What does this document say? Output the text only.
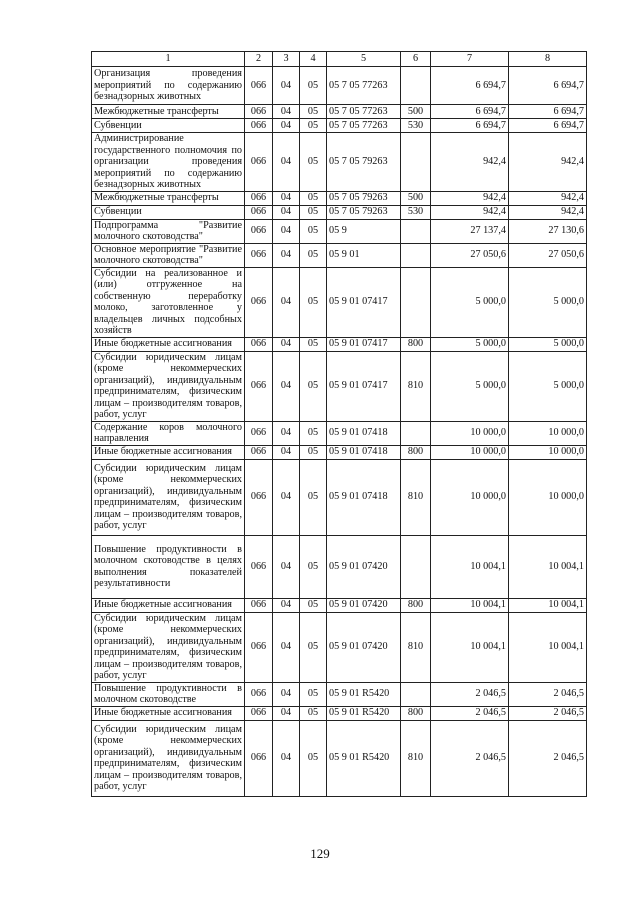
1	2	3	4	5	6	7	8
Организация проведения мероприятий по содержанию безнадзорных животных	066	04	05	05 7 05 77263		6 694,7	6 694,7
Межбюджетные трансферты	066	04	05	05 7 05 77263	500	6 694,7	6 694,7
Субвенции	066	04	05	05 7 05 77263	530	6 694,7	6 694,7
Администрирование государственного полномочия по организации проведения мероприятий по содержанию безнадзорных животных	066	04	05	05 7 05 79263		942,4	942,4
Межбюджетные трансферты	066	04	05	05 7 05 79263	500	942,4	942,4
Субвенции	066	04	05	05 7 05 79263	530	942,4	942,4
Подпрограмма "Развитие молочного скотоводства"	066	04	05	05 9		27 137,4	27 130,6
Основное мероприятие "Развитие молочного скотоводства"	066	04	05	05 9 01		27 050,6	27 050,6
Субсидии на реализованное и (или) отгруженное на собственную переработку молоко, заготовленное у владельцев личных подсобных хозяйств	066	04	05	05 9 01 07417		5 000,0	5 000,0
Иные бюджетные ассигнования	066	04	05	05 9 01 07417	800	5 000,0	5 000,0
Субсидии юридическим лицам (кроме некоммерческих организаций), индивидуальным предпринимателям, физическим лицам – производителям товаров, работ, услуг	066	04	05	05 9 01 07417	810	5 000,0	5 000,0
Содержание коров молочного направления	066	04	05	05 9 01 07418		10 000,0	10 000,0
Иные бюджетные ассигнования	066	04	05	05 9 01 07418	800	10 000,0	10 000,0
Субсидии юридическим лицам (кроме некоммерческих организаций), индивидуальным предпринимателям, физическим лицам – производителям товаров, работ, услуг	066	04	05	05 9 01 07418	810	10 000,0	10 000,0
Повышение продуктивности в молочном скотоводстве в целях выполнения показателей результативности	066	04	05	05 9 01 07420		10 004,1	10 004,1
Иные бюджетные ассигнования	066	04	05	05 9 01 07420	800	10 004,1	10 004,1
Субсидии юридическим лицам (кроме некоммерческих организаций), индивидуальным предпринимателям, физическим лицам – производителям товаров, работ, услуг	066	04	05	05 9 01 07420	810	10 004,1	10 004,1
Повышение продуктивности в молочном скотоводстве	066	04	05	05 9 01 R5420		2 046,5	2 046,5
Иные бюджетные ассигнования	066	04	05	05 9 01 R5420	800	2 046,5	2 046,5
Субсидии юридическим лицам (кроме некоммерческих организаций), индивидуальным предпринимателям, физическим лицам – производителям товаров, работ, услуг	066	04	05	05 9 01 R5420	810	2 046,5	2 046,5
129
